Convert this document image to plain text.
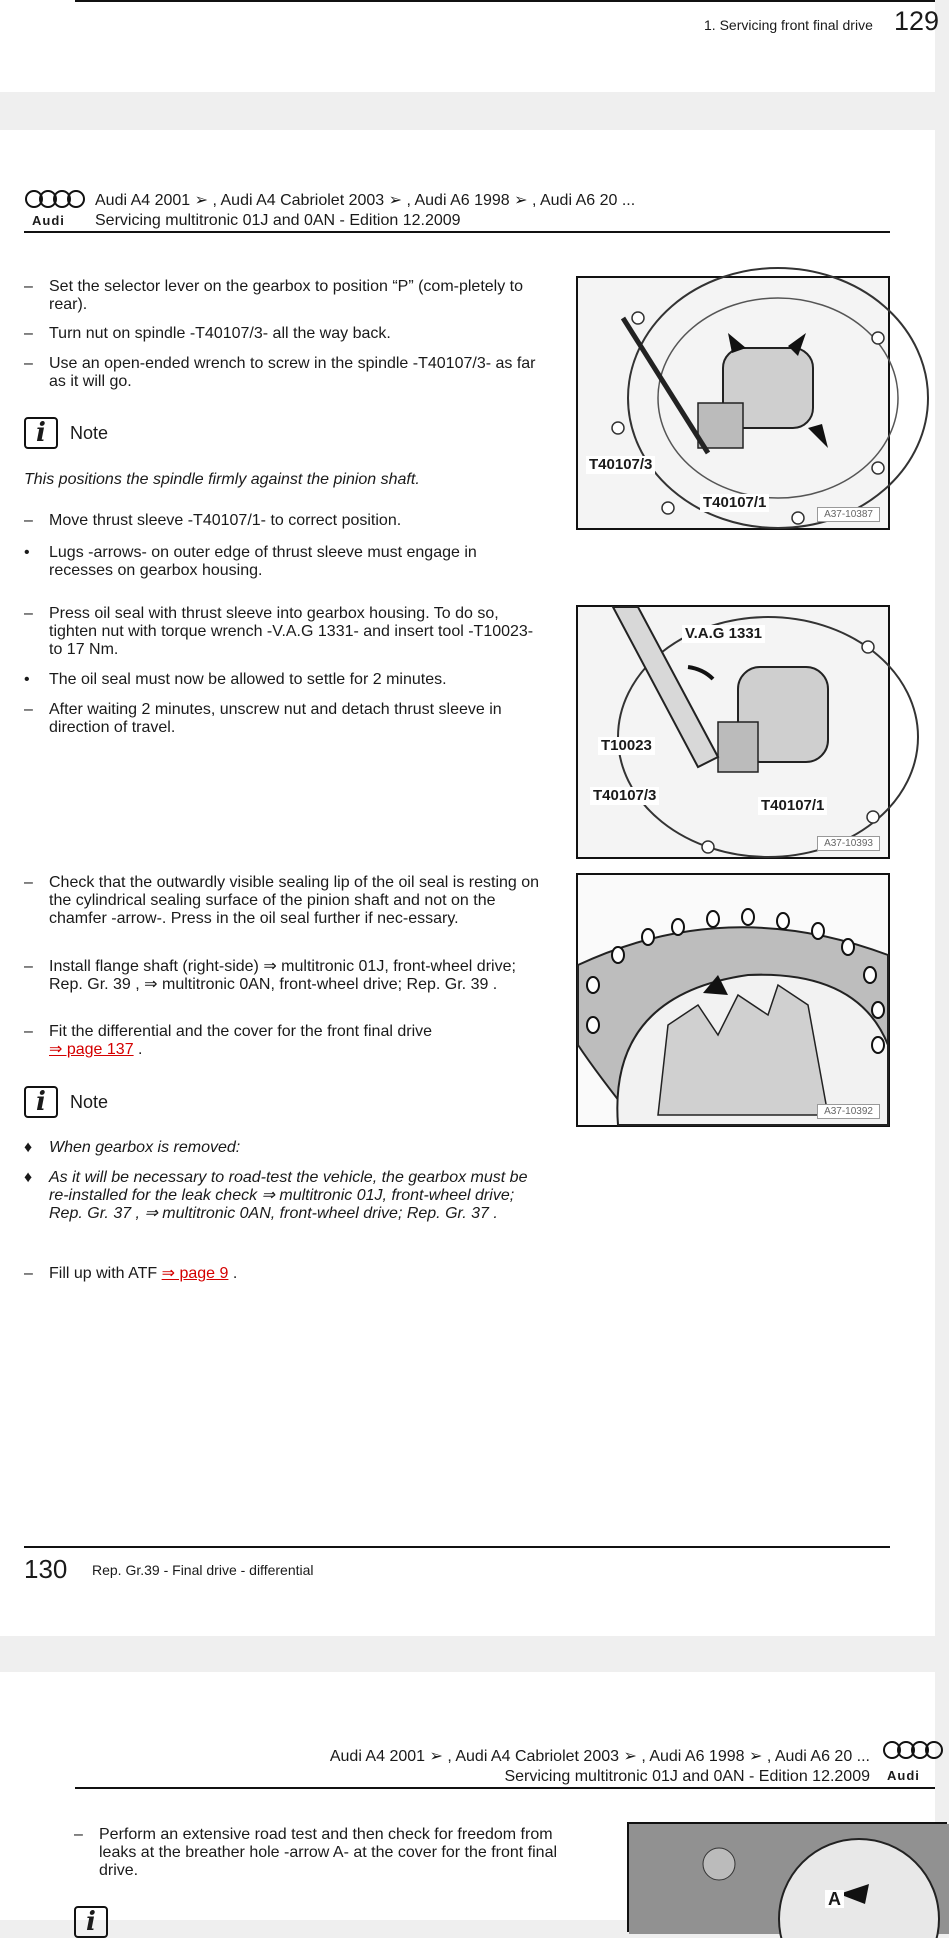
1. Servicing front final drive 129
Audi
Audi A4 2001 ➢ , Audi A4 Cabriolet 2003 ➢ , Audi A6 1998 ➢ , Audi A6 20 ...
Servicing multitronic 01J and 0AN - Edition 12.2009
–	Set the selector lever on the gearbox to position “P” (com-pletely to rear).
–	Turn nut on spindle -T40107/3- all the way back.
–	Use an open-ended wrench to screw in the spindle -T40107/3- as far as it will go.
i	Note
This positions the spindle firmly against the pinion shaft.
–	Move thrust sleeve -T40107/1- to correct position.
•	Lugs -arrows- on outer edge of thrust sleeve must engage in recesses on gearbox housing.
–	Press oil seal with thrust sleeve into gearbox housing. To do so, tighten nut with torque wrench -V.A.G 1331- and insert tool -T10023- to 17 Nm.
•	The oil seal must now be allowed to settle for 2 minutes.
–	After waiting 2 minutes, unscrew nut and detach thrust sleeve in direction of travel.
–	Check that the outwardly visible sealing lip of the oil seal is resting on the cylindrical sealing surface of the pinion shaft and not on the chamfer -arrow-. Press in the oil seal further if nec-essary.
–	Install flange shaft (right-side) ⇒ multitronic 01J, front-wheel drive; Rep. Gr. 39 , ⇒ multitronic 0AN, front-wheel drive; Rep. Gr. 39 .
–	Fit the differential and the cover for the front final drive
⇒ page 137 .
i	Note
♦	When gearbox is removed:
♦	As it will be necessary to road-test the vehicle, the gearbox must be re-installed for the leak check ⇒ multitronic 01J, front-wheel drive; Rep. Gr. 37 , ⇒ multitronic 0AN, front-wheel drive; Rep. Gr. 37 .
–	Fill up with ATF ⇒ page 9 .
T40107/3
T40107/1
A37-10387
V.A.G 1331
T10023
T40107/3
T40107/1
A37-10393
A37-10392
130 Rep. Gr.39 - Final drive - differential
Audi A4 2001 ➢ , Audi A4 Cabriolet 2003 ➢ , Audi A6 1998 ➢ , Audi A6 20 ...
Servicing multitronic 01J and 0AN - Edition 12.2009 Audi
–	Perform an extensive road test and then check for freedom from leaks at the breather hole -arrow A- at the cover for the front final drive.
i
A
